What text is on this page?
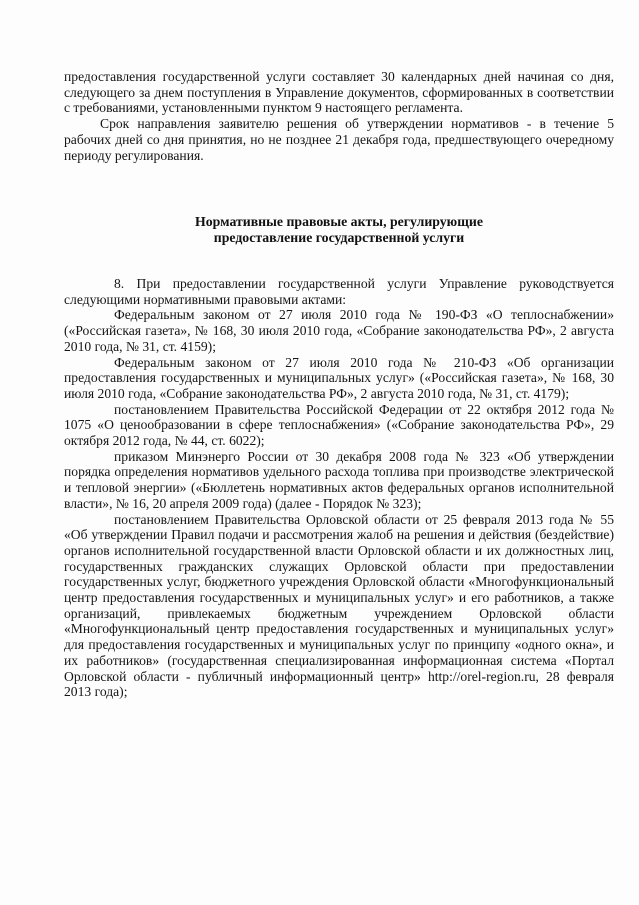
предоставления государственной услуги составляет 30 календарных дней начиная со дня, следующего за днем поступления в Управление документов, сформированных в соответствии с требованиями, установленными пунктом 9 настоящего регламента.

Срок направления заявителю решения об утверждении нормативов - в течение 5 рабочих дней со дня принятия, но не позднее 21 декабря года, предшествующего очередному периоду регулирования.

Нормативные правовые акты, регулирующие
предоставление государственной услуги

8. При предоставлении государственной услуги Управление руководствуется следующими нормативными правовыми актами:

Федеральным законом от 27 июля 2010 года № 190-ФЗ «О теплоснабжении» («Российская газета», № 168, 30 июля 2010 года, «Собрание законодательства РФ», 2 августа 2010 года, № 31, ст. 4159);

Федеральным законом от 27 июля 2010 года № 210-ФЗ «Об организации предоставления государственных и муниципальных услуг» («Российская газета», № 168, 30 июля 2010 года, «Собрание законодательства РФ», 2 августа 2010 года, № 31, ст. 4179);

постановлением Правительства Российской Федерации от 22 октября 2012 года № 1075 «О ценообразовании в сфере теплоснабжения» («Собрание законодательства РФ», 29 октября 2012 года, № 44, ст. 6022);

приказом Минэнерго России от 30 декабря 2008 года № 323 «Об утверждении порядка определения нормативов удельного расхода топлива при производстве электрической и тепловой энергии» («Бюллетень нормативных актов федеральных органов исполнительной власти», № 16, 20 апреля 2009 года) (далее - Порядок № 323);

постановлением Правительства Орловской области от 25 февраля 2013 года № 55 «Об утверждении Правил подачи и рассмотрения жалоб на решения и действия (бездействие) органов исполнительной государственной власти Орловской области и их должностных лиц, государственных гражданских служащих Орловской области при предоставлении государственных услуг, бюджетного учреждения Орловской области «Многофункциональный центр предоставления государственных и муниципальных услуг» и его работников, а также организаций, привлекаемых бюджетным учреждением Орловской области «Многофункциональный центр предоставления государственных и муниципальных услуг» для предоставления государственных и муниципальных услуг по принципу «одного окна», и их работников» (государственная специализированная информационная система «Портал Орловской области - публичный информационный центр» http://orel-region.ru, 28 февраля 2013 года);
